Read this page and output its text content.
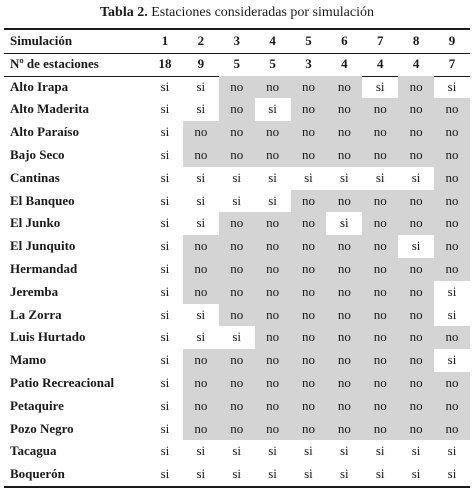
Tabla 2. Estaciones consideradas por simulación
Simulación	1	2	3	4	5	6	7	8	9
Nº de estaciones	18	9	5	5	3	4	4	4	7
Alto Irapa	si	si	no	no	no	no	si	no	si
Alto Maderita	si	si	no	si	no	no	no	no	no
Alto Paraíso	si	no	no	no	no	no	no	no	no
Bajo Seco	si	no	no	no	no	no	no	no	no
Cantinas	si	si	si	si	si	si	si	si	no
El Banqueo	si	si	si	si	no	no	no	no	no
El Junko	si	si	no	no	no	si	no	no	no
El Junquito	si	no	no	no	no	no	no	si	no
Hermandad	si	no	no	no	no	no	no	no	no
Jeremba	si	no	no	no	no	no	no	no	si
La Zorra	si	si	no	no	no	no	no	no	si
Luis Hurtado	si	si	si	no	no	no	no	no	no
Mamo	si	no	no	no	no	no	no	no	si
Patio Recreacional	si	no	no	no	no	no	no	no	no
Petaquire	si	no	no	no	no	no	no	no	no
Pozo Negro	si	no	no	no	no	no	no	no	no
Tacagua	si	si	si	si	si	si	si	si	si
Boquerón	si	si	si	si	si	si	si	si	si
